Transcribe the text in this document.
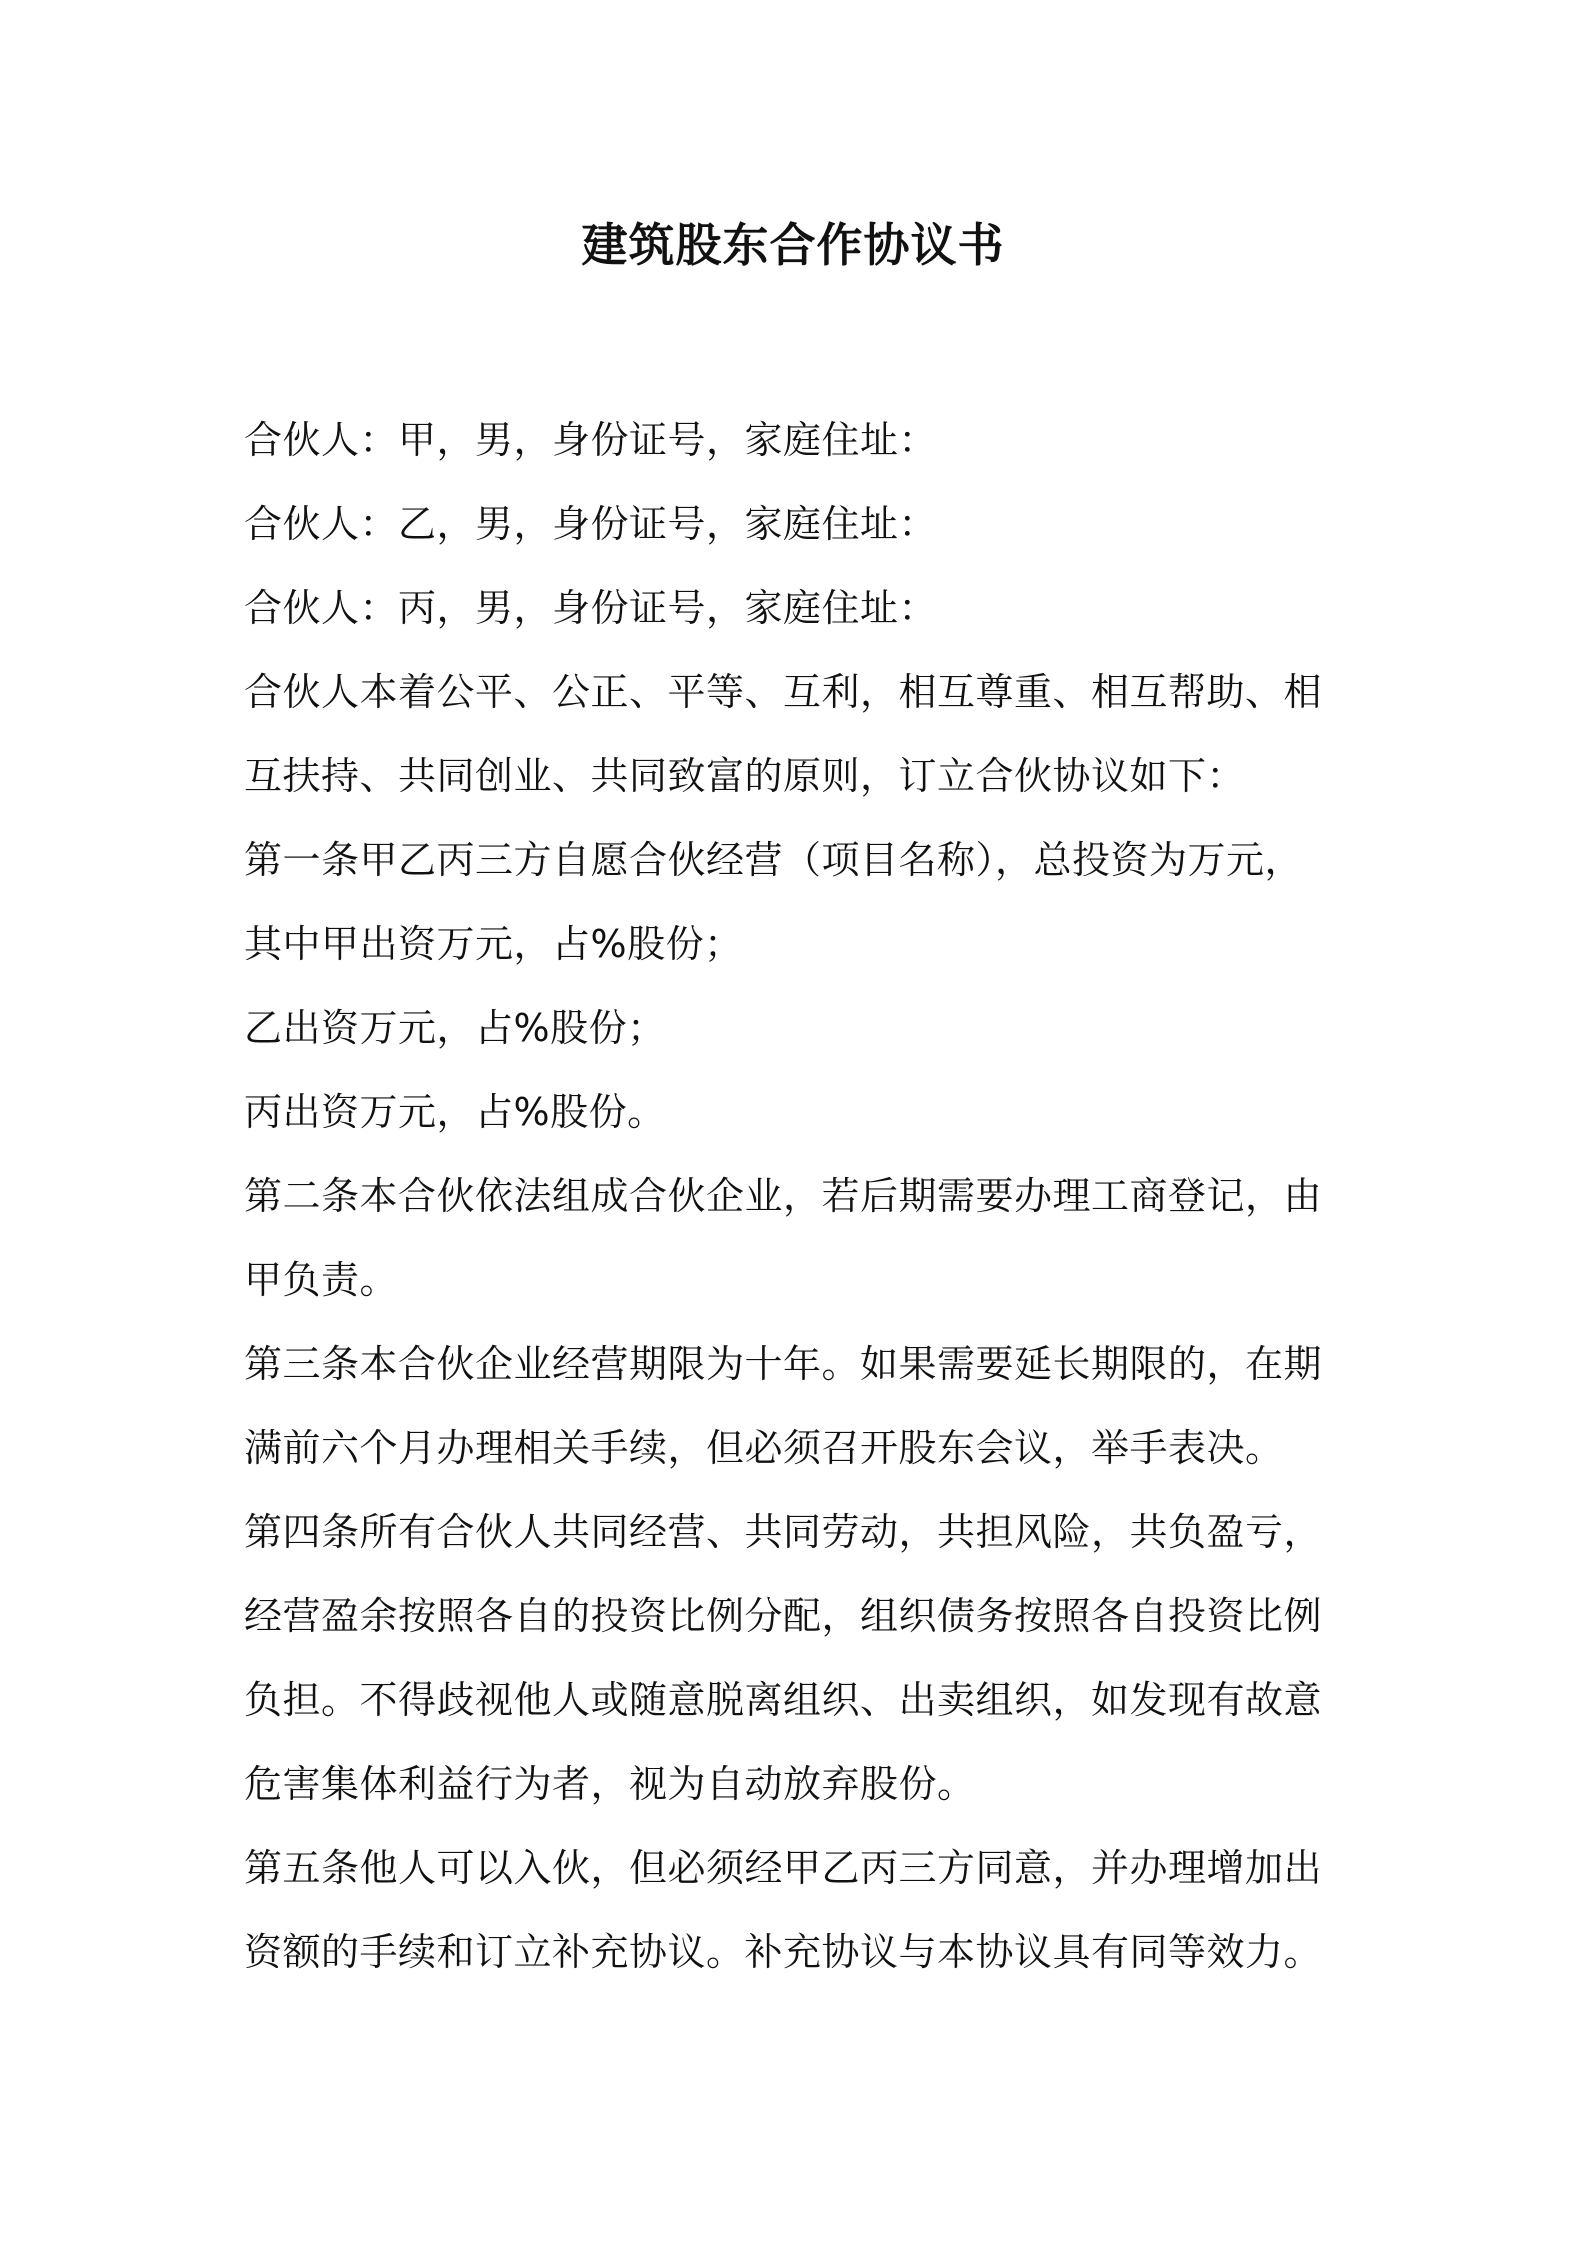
建筑股东合作协议书
合伙人：甲，男，身份证号，家庭住址：
合伙人：乙，男，身份证号，家庭住址：
合伙人：丙，男，身份证号，家庭住址：
合伙人本着公平、公正、平等、互利，相互尊重、相互帮助、相
互扶持、共同创业、共同致富的原则，订立合伙协议如下：
第一条甲乙丙三方自愿合伙经营（项目名称），总投资为万元，
其中甲出资万元，占%股份；
乙出资万元，占%股份；
丙出资万元，占%股份。
第二条本合伙依法组成合伙企业，若后期需要办理工商登记，由
甲负责。
第三条本合伙企业经营期限为十年。如果需要延长期限的，在期
满前六个月办理相关手续，但必须召开股东会议，举手表决。
第四条所有合伙人共同经营、共同劳动，共担风险，共负盈亏，
经营盈余按照各自的投资比例分配，组织债务按照各自投资比例
负担。不得歧视他人或随意脱离组织、出卖组织，如发现有故意
危害集体利益行为者，视为自动放弃股份。
第五条他人可以入伙，但必须经甲乙丙三方同意，并办理增加出
资额的手续和订立补充协议。补充协议与本协议具有同等效力。
